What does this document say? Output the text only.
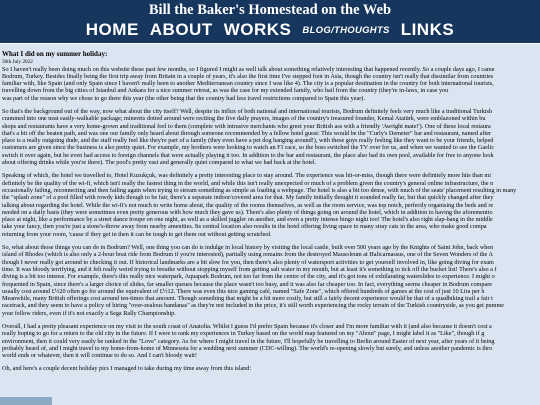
Bill the Baker's Homestead on the Web
HOME ABOUT WORKS BLOG/THOUGHTS LINKS

What I did on my summer holiday:

30th July 2022

So I haven't really been doing much on this website these past few months, so I figured I might as well talk about something relatively interesting that happened recently. So a couple days ago, I came
Bodrum, Turkey. Besides finally being the first trip away from Britain in a couple of years, it's also the first time I've stepped foot in Asia, though the country isn't really that dissimilar from countries
familiar with, like Spain (and only Spain since I haven't really been to another Mediterranean country since I was like 4). The city is a popular destination in the country for both international tourists,
travelling down from the big cities of Istanbul and Ankara for a nice summer retreat, as was the case for my extended family, who hail from the country (they're in-laws, in case you
was part of the reason why we chose to go there this year (the other being that the country had less travel restrictions compared to Spain this year).

So that's the background out of the way, now what about the city itself? Well, despite its influx of both national and international tourists, Bodrum definitely feels very much like a traditional Turkish
crammed into one neat easily-walkable package; minerets dotted around were reciting the five daily prayers, images of the country's treasured founder, Kemal Atatürk, were emblazoned within bu
shops and restaurants have a very home-grown and traditional feel to them (complete with intrusive merchants who greet your British ass with a friendly 'Awright mate!'). One of these local restaura
that's a bit off the beaten path, and was one our family only heard about through someone recommended by a fellow hotel guest: This would be the "Curly's Demeter" bar and restaurant, named after
place is a really outgoing dude, and the staff really feel like they're part of a family (they even have a pet dog hanging around!), with these guys really feeling like they want to be your friends, helped
customers are given since the business is also pretty quiet. For example, my brothers were looking to watch an F1 race, so the boss switched the TV over for us, and when we wanted to see the Gaelic
switch it over again, but he even had access to foreign channels that were actually playing it too. In addition to the bar and restaurant, the place also had its own pool, available for free to anyone look
about offering drinks while you're there). The pool's pretty vast and generally quiet compared to what we had back at the hotel.

Speaking of which, the hotel we travelled to, Hotel Kuzukçuk, was definitely a pretty interesting place to stay around. The experience was hit-or-miss, though there were definitely more hits than mi
definitely be the quality of the wi-fi, which isn't really the fastest thing in the world, and while this isn't really unexpected or much of a problem given the country's general online infrastructure, the n
occasionally failing, reconnecting and then failing again when trying to stream something as simple as loading a webpage. The hotel is also a bit too dense, with much of the seats' placement resulting in many
the "splash zone" of a pool filled with rowdy kids though to be fair, there's a separate indoor/covered area for that. My family initially thought it sounded really far, but that quickly changed after they
talking about regarding the hotel. While the wi-fi's not much to write home about, the quality of the rooms themselves, as well as the room service, was top notch, perfectly organising the beds and re
needed on a daily basis (they were sometimes even pretty generous with how much they gave us). There's also plenty of things going on around the hotel, which in addition to having the aforementio
place at night, like a performance by a street dance troupe on one night, as well as a skilled juggler on another, and even a pretty intense bingo night too! The hotel's also right slap-bang in the middle
take your fancy, then you're just a stone's-throw away from nearby amenities. Its central location also results in the hotel offering living space to many stray cats in the area, who make good compa
returning from your room, 'cause if they get in then it can be tough to get them out without getting scratched.

So, what about those things you can do in Bodrum? Well, one thing you can do is indulge in local history by visiting the local castle, built over 500 years ago by the Knights of Saint John, back when
island of Rhodes (which is also only a 2-hour boat ride from Bodrum if you're interested), partially using remains from the destroyed Mausoleum at Halicarnassus, one of the Seven Wonders of the A
though I never really got around to checking it out. If historical landmarks are a bit slow for you, then there's also plenty of watersport activities to get yourself involved in, like going diving for exam
time. It was bloody terrifying, and it felt really weird trying to breathe without stopping myself from getting salt water in my mouth, but at least it's something to tick off the bucket list! There's also a f
diving is a bit too intense. For example, there's this really nice waterpark, Aquapark Bodrum, not too far from the centre of the city, and it's got tons of exhilarating waterslides to experience. I might o
frequented in Spain, since there's a larger choice of slides, far smaller queues because the place wasn't too busy, and it was also far cheaper too. In fact, everything seems cheaper in Bodrum compare
usually cost around £½20 often go for around the equivalent of £½12. There was even this nice gaming café, named "Safe Zone", which offered hundreds of games at the cost of just 10 Lira per h
Meanwhile, many British offerings cost around ten-times that amount. Though something that might be a bit more costly, but still a fairly decent experience would be that of a quadbiking trail a fair t
racetrack, and they seem to have a policy of hiring "over-zealous bandanas" as they're not included in the price, it's still worth experiencing the rocky terrain of the Turkish countryside, as you get pumme
your fellow riders, even if it's not exactly a Sega Rally Championship.

Overall, I had a pretty pleasant experience on my visit to the south coast of Anatolia. Whilst I guess I'd prefer Spain because it's closer and I'm more familiar with it (and also because it doesn't cost a
really hoping to go for a return to the old city in the future. If I were to rank my experiences in Turkey based on the world map featured on my "About" page, I might label it as "Like", though if g
environment, then it could very easily be ranked in the "Love" category. As for where I might travel in the future, I'll hopefully be travelling to Berlin around Easter of next year, after years of it being
probably heard of, and I might travel to my home-from-home of Minnesota for a wedding next summer (CDC-willing). The world's re-opening slowly but surely, and unless another pandemic is thro
world ends or whatever, then it will continue to do so. And I can't bloody wait!

Oh, and here's a couple decent holiday pics I managed to take during my time away from this island:
